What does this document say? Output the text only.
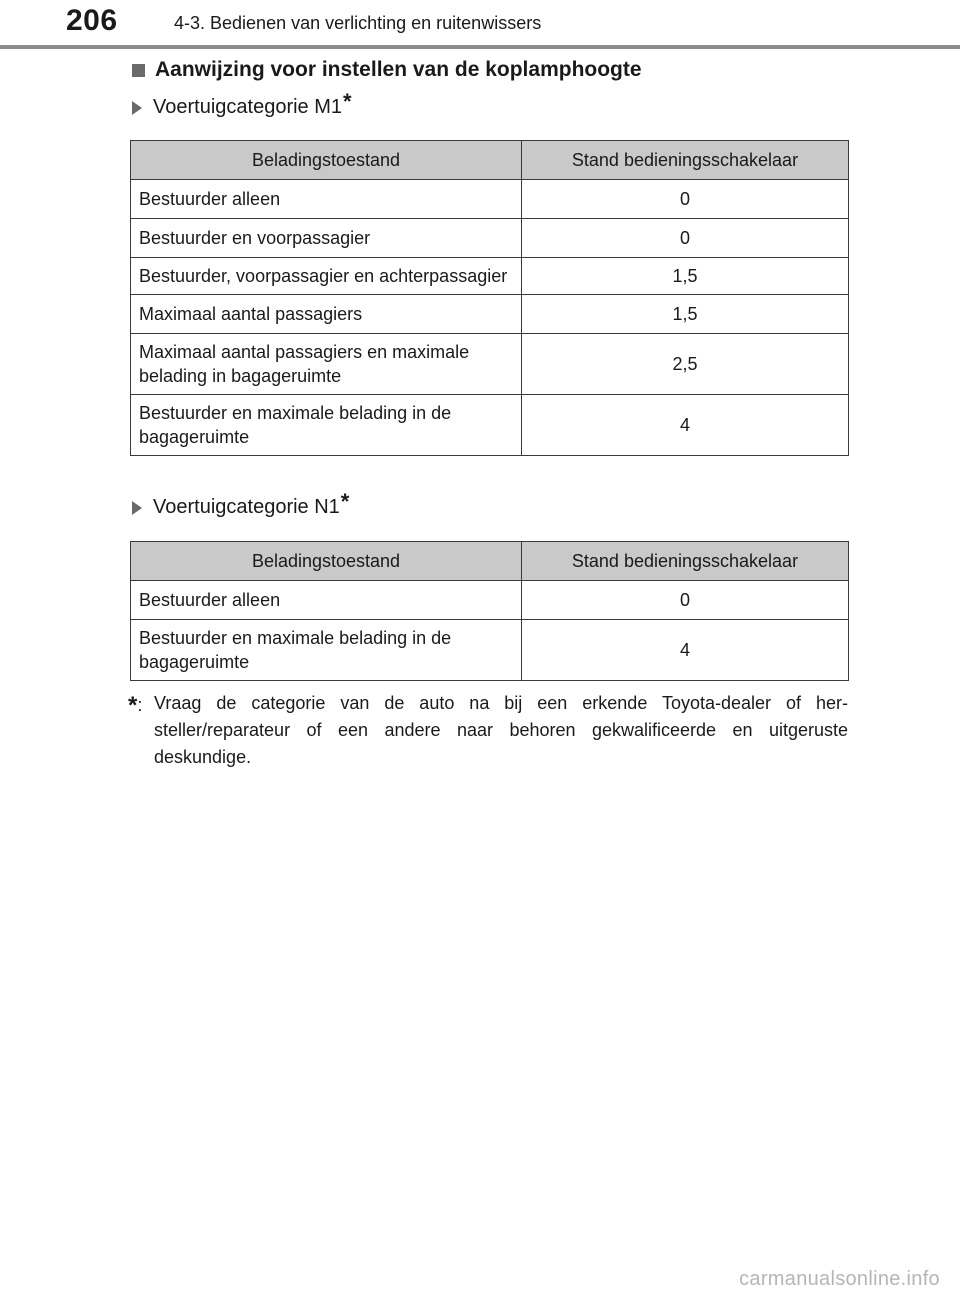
206	4-3. Bedienen van verlichting en ruitenwissers
Aanwijzing voor instellen van de koplamphoogte
Voertuigcategorie M1*
Beladingstoestand	Stand bedieningsschakelaar
Bestuurder alleen	0
Bestuurder en voorpassagier	0
Bestuurder, voorpassagier en achterpassagier	1,5
Maximaal aantal passagiers	1,5
Maximaal aantal passagiers en maximale belading in bagageruimte	2,5
Bestuurder en maximale belading in de bagageruimte	4
Voertuigcategorie N1*
Beladingstoestand	Stand bedieningsschakelaar
Bestuurder alleen	0
Bestuurder en maximale belading in de bagageruimte	4
*: Vraag de categorie van de auto na bij een erkende Toyota-dealer of hersteller/reparateur of een andere naar behoren gekwalificeerde en uitgeruste deskundige.
carmanualsonline.info
